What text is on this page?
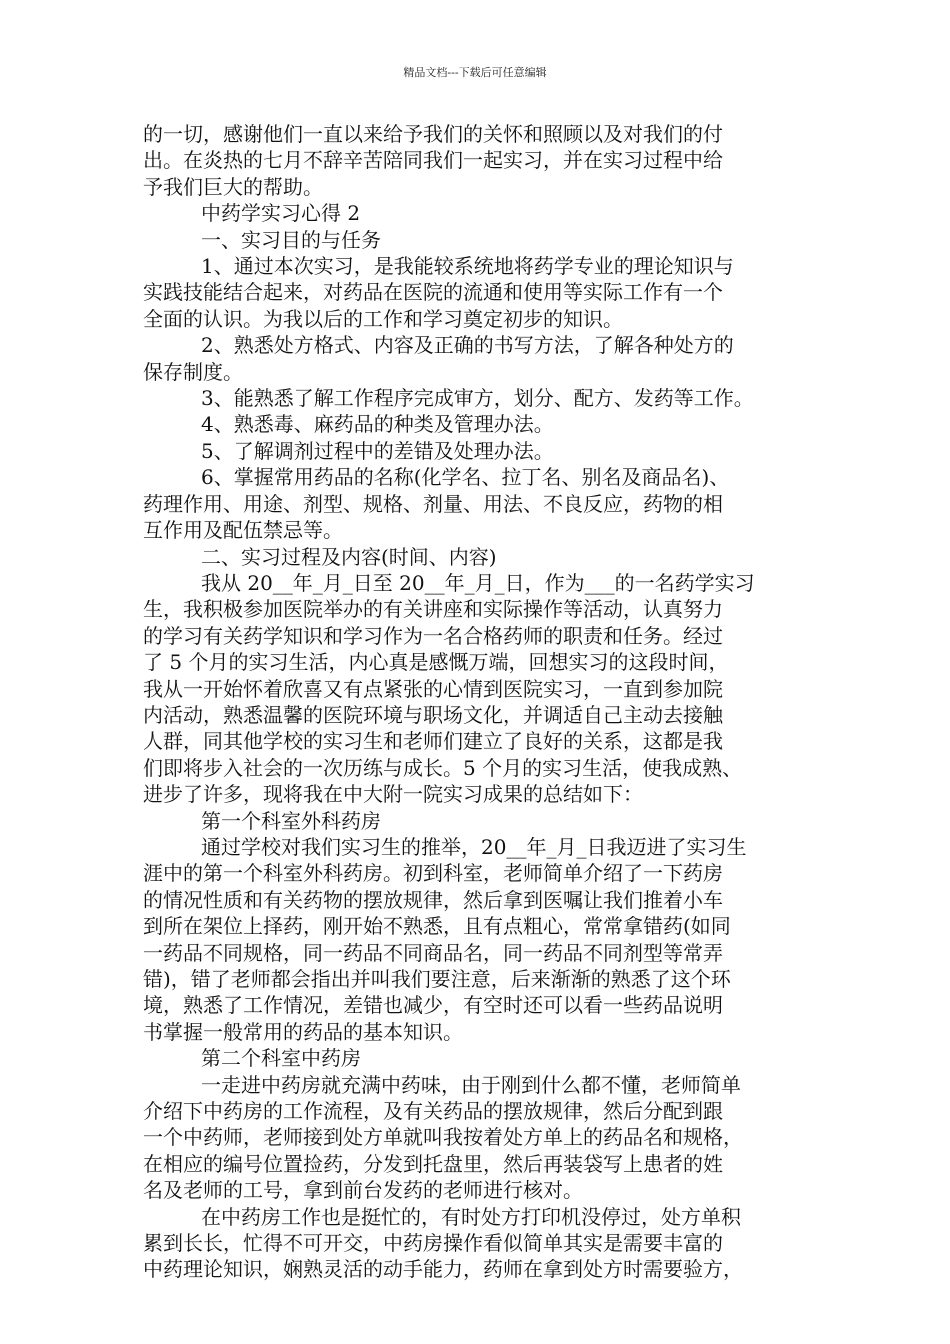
精品文档---下载后可任意编辑
的一切，感谢他们一直以来给予我们的关怀和照顾以及对我们的付
出。在炎热的七月不辞辛苦陪同我们一起实习，并在实习过程中给
予我们巨大的帮助。
中药学实习心得 2
一、实习目的与任务
1、通过本次实习，是我能较系统地将药学专业的理论知识与
实践技能结合起来，对药品在医院的流通和使用等实际工作有一个
全面的认识。为我以后的工作和学习奠定初步的知识。
2、熟悉处方格式、内容及正确的书写方法，了解各种处方的
保存制度。
3、能熟悉了解工作程序完成审方，划分、配方、发药等工作。
4、熟悉毒、麻药品的种类及管理办法。
5、了解调剂过程中的差错及处理办法。
6、掌握常用药品的名称(化学名、拉丁名、别名及商品名)、
药理作用、用途、剂型、规格、剂量、用法、不良反应，药物的相
互作用及配伍禁忌等。
二、实习过程及内容(时间、内容)
我从 20__年_月_日至 20__年_月_日，作为___的一名药学实习
生，我积极参加医院举办的有关讲座和实际操作等活动，认真努力
的学习有关药学知识和学习作为一名合格药师的职责和任务。经过
了 5 个月的实习生活，内心真是感慨万端，回想实习的这段时间，
我从一开始怀着欣喜又有点紧张的心情到医院实习，一直到参加院
内活动，熟悉温馨的医院环境与职场文化，并调适自己主动去接触
人群，同其他学校的实习生和老师们建立了良好的关系，这都是我
们即将步入社会的一次历练与成长。5 个月的实习生活，使我成熟、
进步了许多，现将我在中大附一院实习成果的总结如下：
第一个科室外科药房
通过学校对我们实习生的推举，20__年_月_日我迈进了实习生
涯中的第一个科室外科药房。初到科室，老师简单介绍了一下药房
的情况性质和有关药物的摆放规律，然后拿到医嘱让我们推着小车
到所在架位上择药，刚开始不熟悉，且有点粗心，常常拿错药(如同
一药品不同规格，同一药品不同商品名，同一药品不同剂型等常弄
错)，错了老师都会指出并叫我们要注意，后来渐渐的熟悉了这个环
境，熟悉了工作情况，差错也减少，有空时还可以看一些药品说明
书掌握一般常用的药品的基本知识。
第二个科室中药房
一走进中药房就充满中药味，由于刚到什么都不懂，老师简单
介绍下中药房的工作流程，及有关药品的摆放规律，然后分配到跟
一个中药师，老师接到处方单就叫我按着处方单上的药品名和规格，
在相应的编号位置捡药，分发到托盘里，然后再装袋写上患者的姓
名及老师的工号，拿到前台发药的老师进行核对。
在中药房工作也是挺忙的，有时处方打印机没停过，处方单积
累到长长，忙得不可开交，中药房操作看似简单其实是需要丰富的
中药理论知识，娴熟灵活的动手能力，药师在拿到处方时需要验方，
